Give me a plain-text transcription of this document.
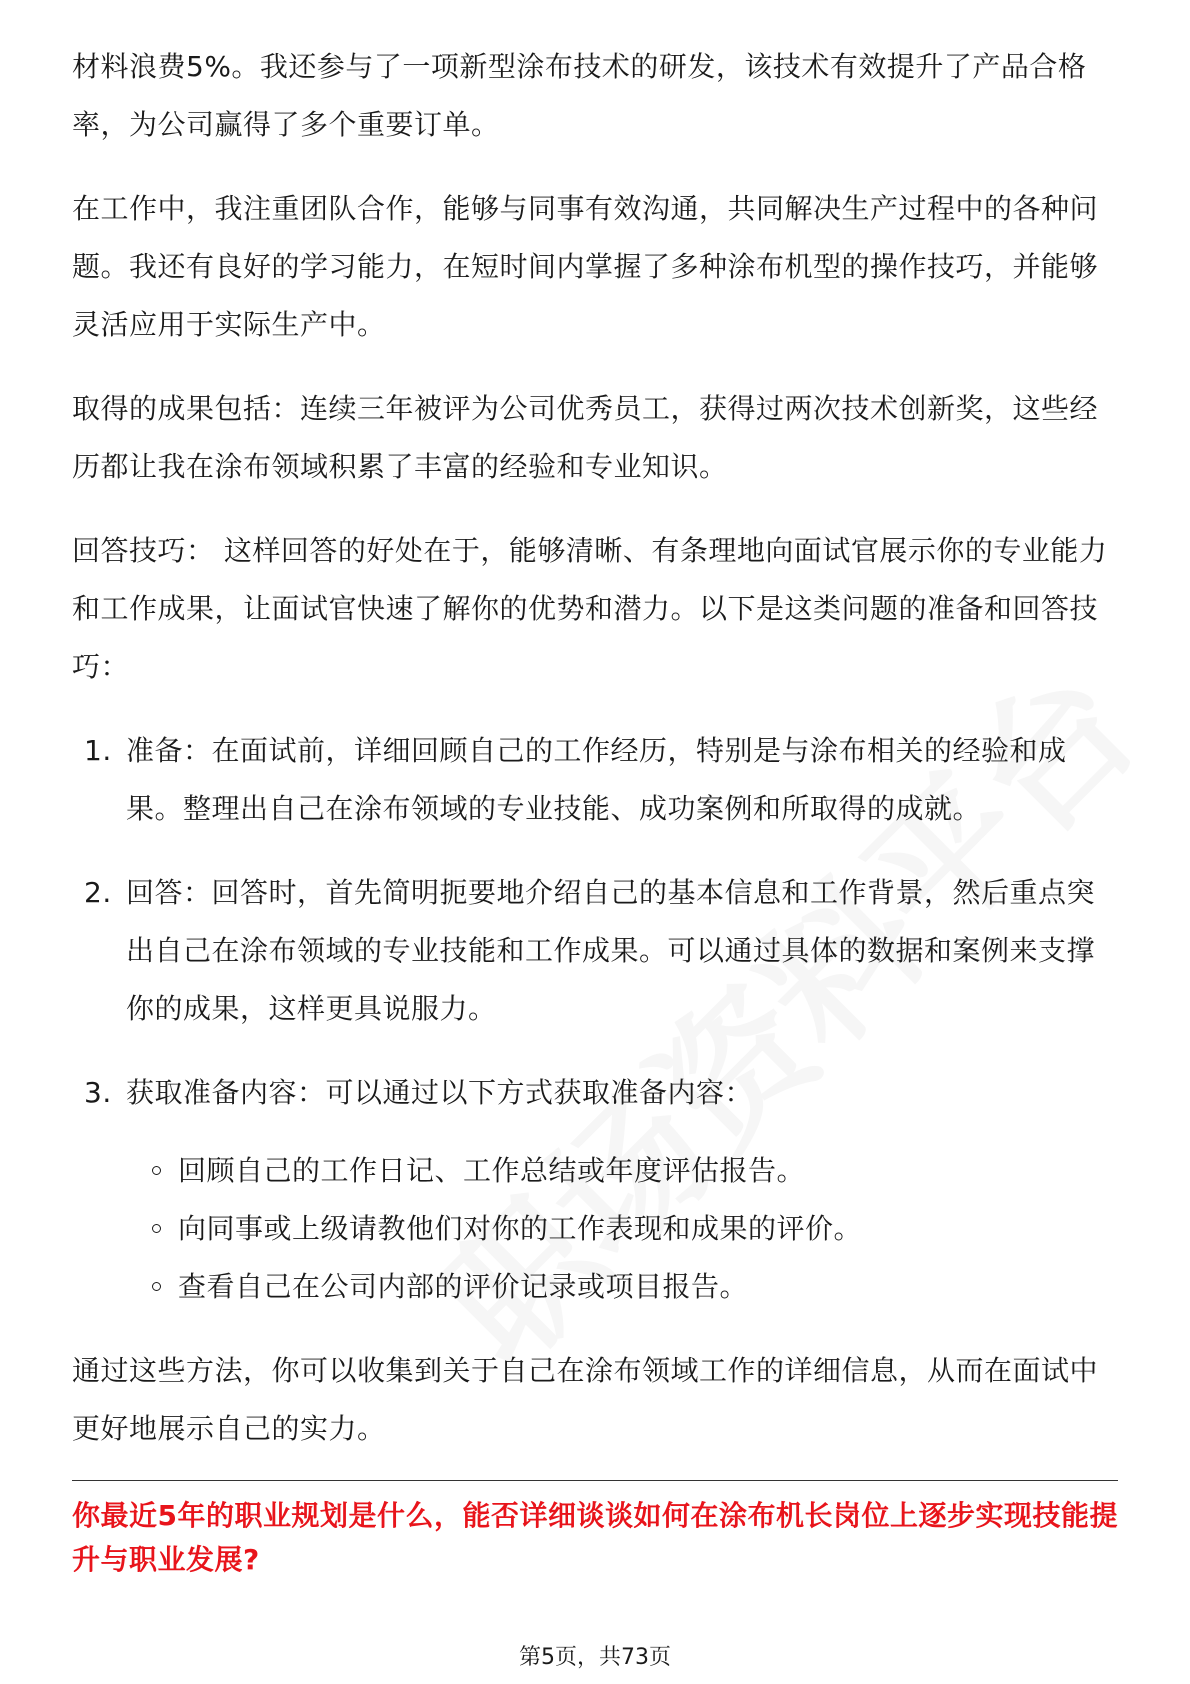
材料浪费5%。我还参与了一项新型涂布技术的研发，该技术有效提升了产品合格率，为公司赢得了多个重要订单。

在工作中，我注重团队合作，能够与同事有效沟通，共同解决生产过程中的各种问题。我还有良好的学习能力，在短时间内掌握了多种涂布机型的操作技巧，并能够灵活应用于实际生产中。

取得的成果包括：连续三年被评为公司优秀员工，获得过两次技术创新奖，这些经历都让我在涂布领域积累了丰富的经验和专业知识。

回答技巧： 这样回答的好处在于，能够清晰、有条理地向面试官展示你的专业能力和工作成果，让面试官快速了解你的优势和潜力。以下是这类问题的准备和回答技巧：

1. 准备：在面试前，详细回顾自己的工作经历，特别是与涂布相关的经验和成果。整理出自己在涂布领域的专业技能、成功案例和所取得的成就。
2. 回答：回答时，首先简明扼要地介绍自己的基本信息和工作背景，然后重点突出自己在涂布领域的专业技能和工作成果。可以通过具体的数据和案例来支撑你的成果，这样更具说服力。
3. 获取准备内容：可以通过以下方式获取准备内容：
回顾自己的工作日记、工作总结或年度评估报告。
向同事或上级请教他们对你的工作表现和成果的评价。
查看自己在公司内部的评价记录或项目报告。

通过这些方法，你可以收集到关于自己在涂布领域工作的详细信息，从而在面试中更好地展示自己的实力。

你最近5年的职业规划是什么，能否详细谈谈如何在涂布机长岗位上逐步实现技能提升与职业发展?
第5页，共73页
